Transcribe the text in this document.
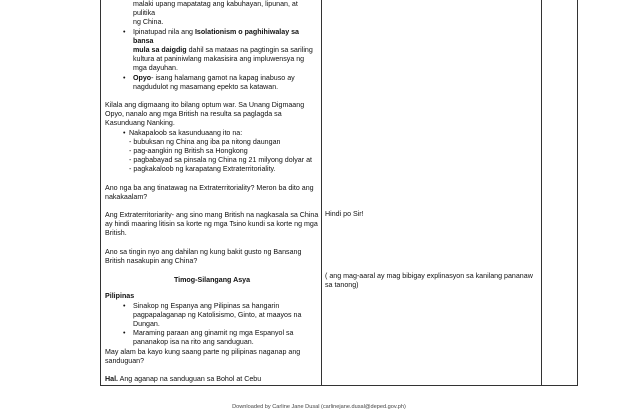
malaki upang mapatatag ang kabuhayan, lipunan, at pulitika

ng China.

• Ipinatupad nila ang Isolationism o paghihiwalay sa bansa
mula sa daigdig dahil sa mataas na pagtingin sa sariling kultura at paniniwlang makasisira ang impluwensya ng mga dayuhan.

• Opyo- isang halamang gamot na kapag inabuso ay nagdudulot ng masamang epekto sa katawan.

Kilala ang digmaang ito bilang optum war. Sa Unang Digmaang Opyo, nanalo ang mga British na resulta sa paglagda sa Kasunduang Nanking.

• Nakapaloob sa kasunduaang ito na:

- bubuksan ng China ang iba pa nitong daungan

- pag-aangkin ng British sa Hongkong

- pagbabayad sa pinsala ng China ng 21 milyong dolyar at

- pagkakaloob ng karapatang Extraterritoriality.

Ano nga ba ang tinatawag na Extraterritoriality? Meron ba dito ang nakakaalam?

Ang Extraterritoriarity- ang sino mang British na nagkasala sa China ay hindi maaring litisin sa korte ng mga Tsino kundi sa korte ng mga British.

Ano sa tingin nyo ang dahilan ng kung bakit gusto ng Bansang British nasakupin ang China?

Timog-Silangang Asya

Pilipinas

• Sinakop ng Espanya ang Pilipinas sa hangarin pagpapalaganap ng Katolisismo, Ginto, at maayos na Dungan.

• Maraming paraan ang ginamit ng mga Espanyol sa pananakop isa na rito ang sanduguan.

May alam ba kayo kung saang parte ng pilipinas naganap ang sanduguan?

Hal. Ang aganap na sanduguan sa Bohol at Cebu

Hindi po Sir!

( ang mag-aaral ay mag bibigay explinasyon sa kanilang pananaw sa tanong)

Downloaded by Carline Jane Dusal (carlinejane.dusal@deped.gov.ph)
